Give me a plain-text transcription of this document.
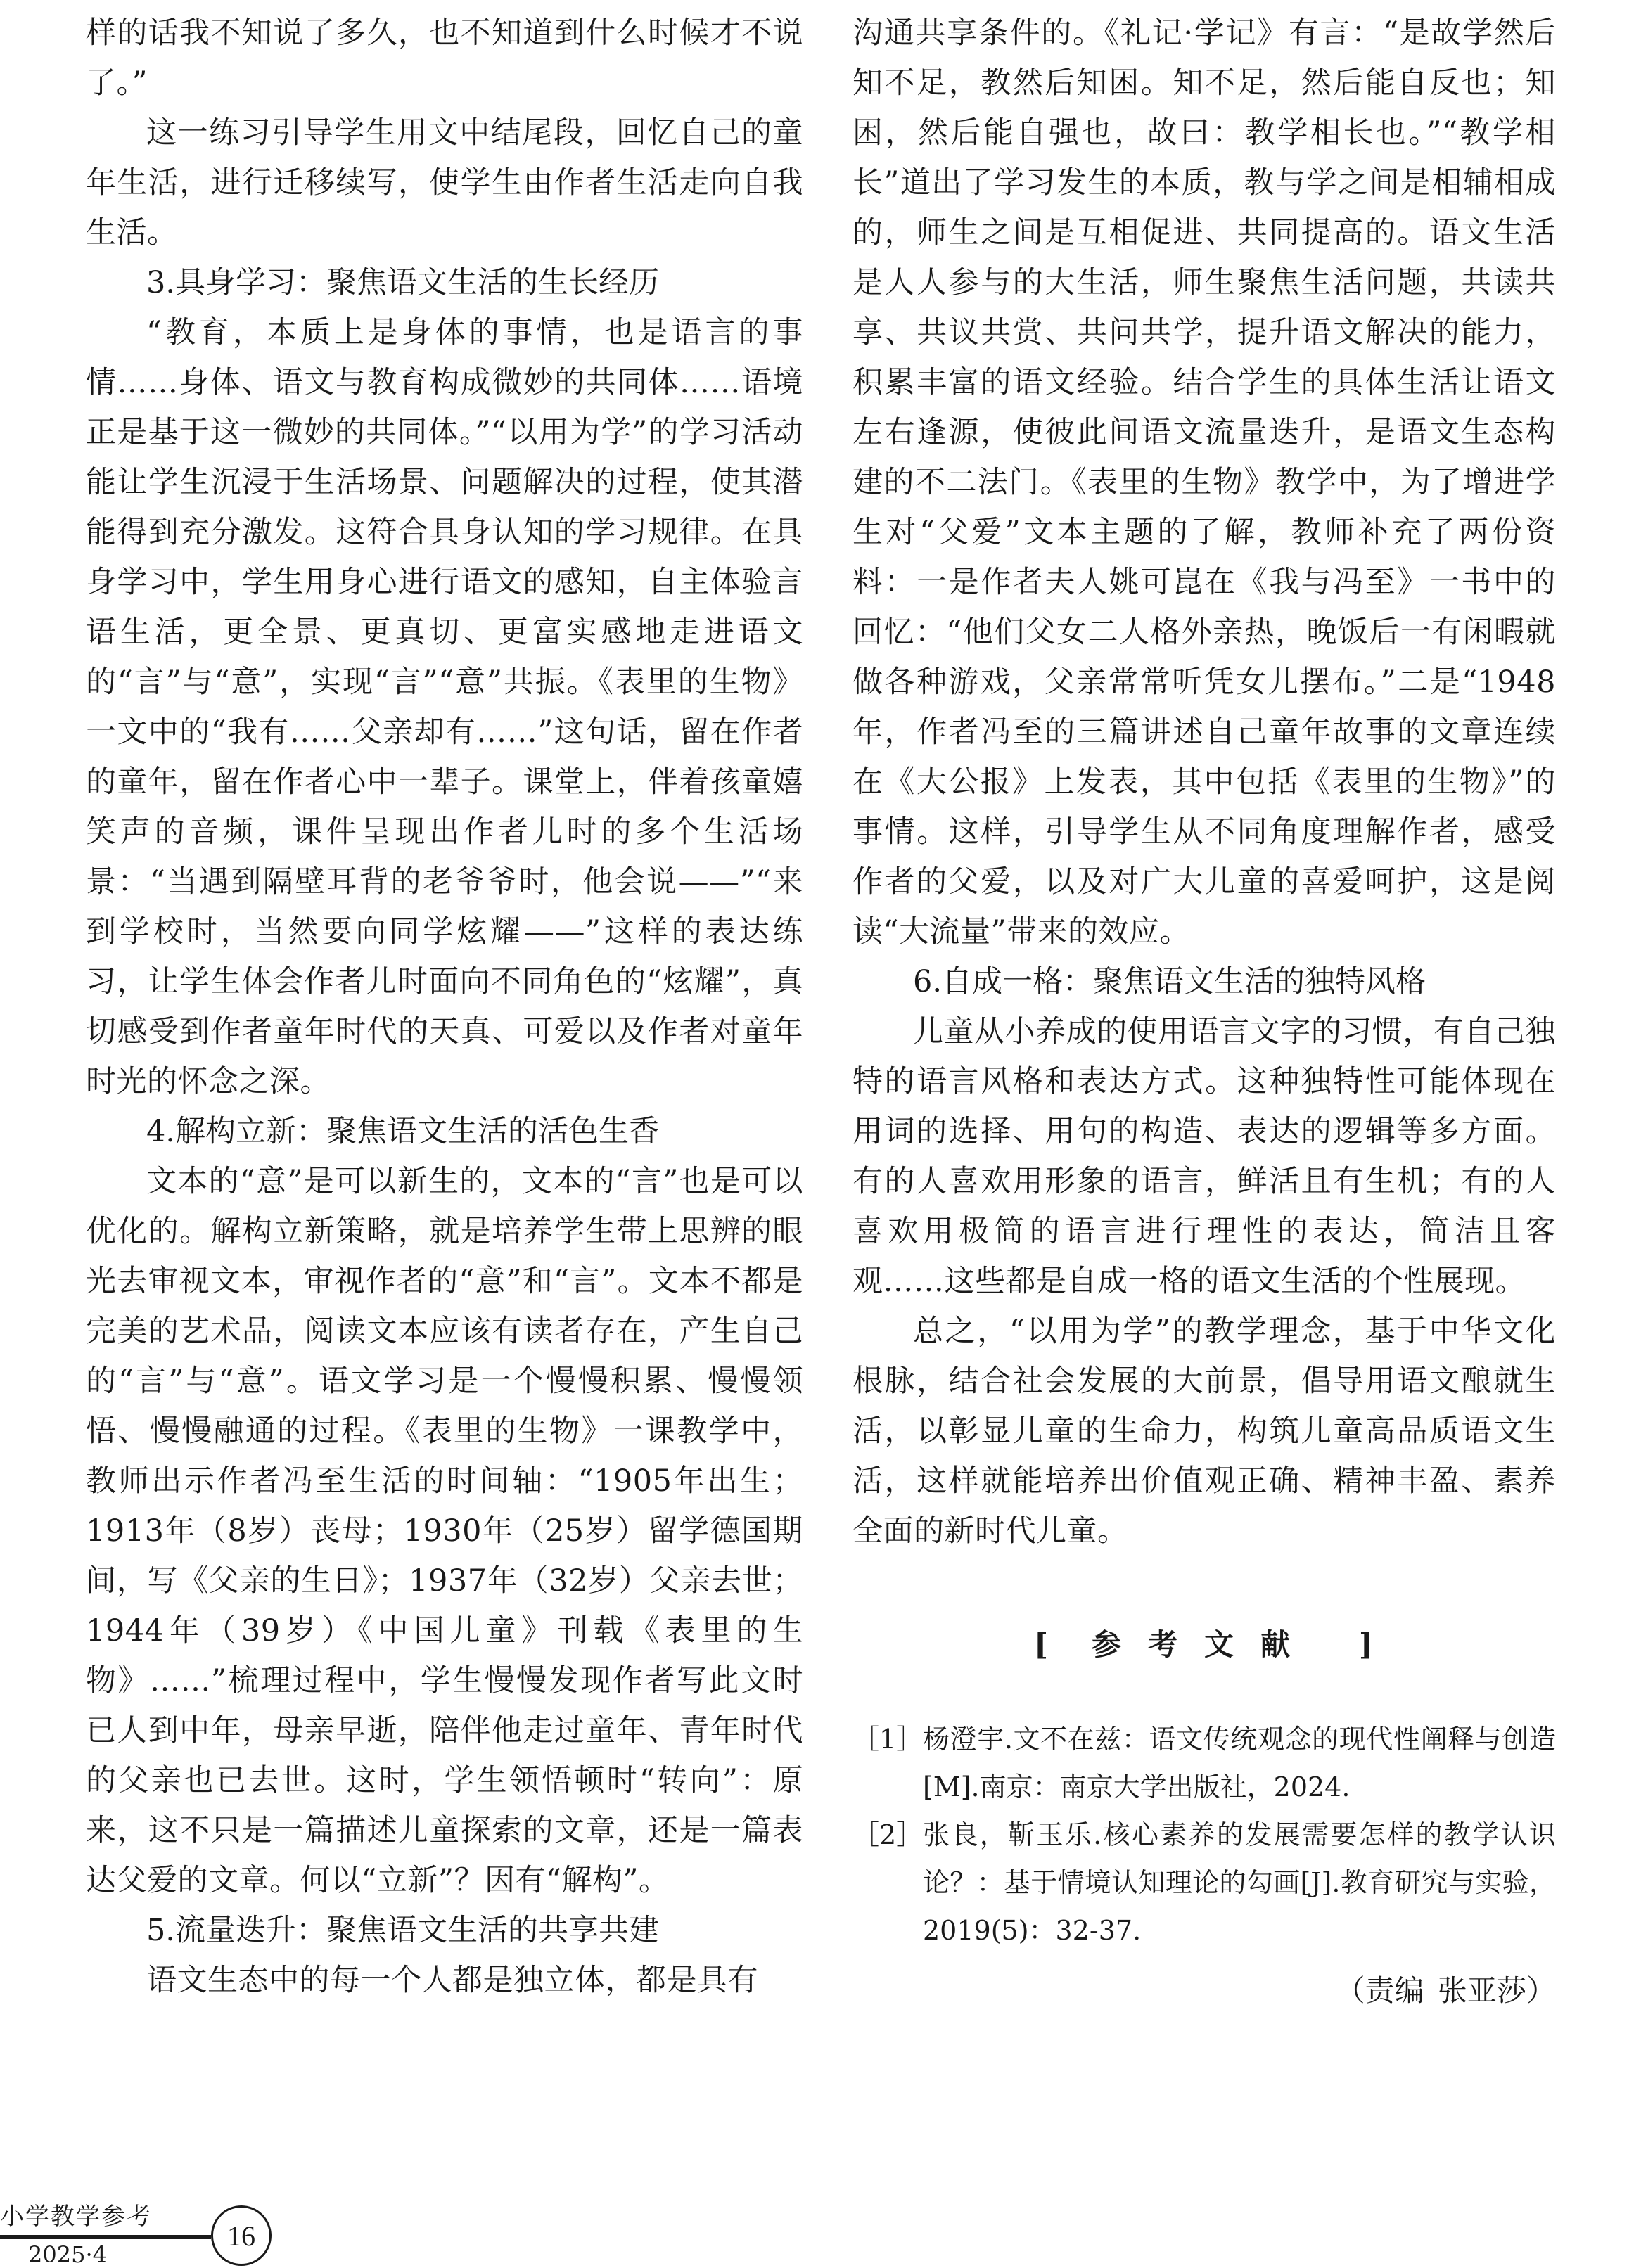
样的话我不知说了多久，也不知道到什么时候才不说了。”

这一练习引导学生用文中结尾段，回忆自己的童年生活，进行迁移续写，使学生由作者生活走向自我生活。

3.具身学习：聚焦语文生活的生长经历

“教育，本质上是身体的事情，也是语言的事情……身体、语文与教育构成微妙的共同体……语境正是基于这一微妙的共同体。”“以用为学”的学习活动能让学生沉浸于生活场景、问题解决的过程，使其潜能得到充分激发。这符合具身认知的学习规律。在具身学习中，学生用身心进行语文的感知，自主体验言语生活，更全景、更真切、更富实感地走进语文的“言”与“意”，实现“言”“意”共振。《表里的生物》一文中的“我有……父亲却有……”这句话，留在作者的童年，留在作者心中一辈子。课堂上，伴着孩童嬉笑声的音频，课件呈现出作者儿时的多个生活场景：“当遇到隔壁耳背的老爷爷时，他会说——”“来到学校时，当然要向同学炫耀——”这样的表达练习，让学生体会作者儿时面向不同角色的“炫耀”，真切感受到作者童年时代的天真、可爱以及作者对童年时光的怀念之深。

4.解构立新：聚焦语文生活的活色生香

文本的“意”是可以新生的，文本的“言”也是可以优化的。解构立新策略，就是培养学生带上思辨的眼光去审视文本，审视作者的“意”和“言”。文本不都是完美的艺术品，阅读文本应该有读者存在，产生自己的“言”与“意”。语文学习是一个慢慢积累、慢慢领悟、慢慢融通的过程。《表里的生物》一课教学中，教师出示作者冯至生活的时间轴：“1905年出生；1913年（8岁）丧母；1930年（25岁）留学德国期间，写《父亲的生日》；1937年（32岁）父亲去世；1944年（39岁）《中国儿童》刊载《表里的生物》……”梳理过程中，学生慢慢发现作者写此文时已人到中年，母亲早逝，陪伴他走过童年、青年时代的父亲也已去世。这时，学生领悟顿时“转向”：原来，这不只是一篇描述儿童探索的文章，还是一篇表达父爱的文章。何以“立新”？因有“解构”。

5.流量迭升：聚焦语文生活的共享共建

语文生态中的每一个人都是独立体，都是具有

沟通共享条件的。《礼记·学记》有言：“是故学然后知不足，教然后知困。知不足，然后能自反也；知困，然后能自强也，故曰：教学相长也。”“教学相长”道出了学习发生的本质，教与学之间是相辅相成的，师生之间是互相促进、共同提高的。语文生活是人人参与的大生活，师生聚焦生活问题，共读共享、共议共赏、共问共学，提升语文解决的能力，积累丰富的语文经验。结合学生的具体生活让语文左右逢源，使彼此间语文流量迭升，是语文生态构建的不二法门。《表里的生物》教学中，为了增进学生对“父爱”文本主题的了解，教师补充了两份资料：一是作者夫人姚可崑在《我与冯至》一书中的回忆：“他们父女二人格外亲热，晚饭后一有闲暇就做各种游戏，父亲常常听凭女儿摆布。”二是“1948年，作者冯至的三篇讲述自己童年故事的文章连续在《大公报》上发表，其中包括《表里的生物》”的事情。这样，引导学生从不同角度理解作者，感受作者的父爱，以及对广大儿童的喜爱呵护，这是阅读“大流量”带来的效应。

6.自成一格：聚焦语文生活的独特风格

儿童从小养成的使用语言文字的习惯，有自己独特的语言风格和表达方式。这种独特性可能体现在用词的选择、用句的构造、表达的逻辑等多方面。有的人喜欢用形象的语言，鲜活且有生机；有的人喜欢用极简的语言进行理性的表达，简洁且客观……这些都是自成一格的语文生活的个性展现。

总之，“以用为学”的教学理念，基于中华文化根脉，结合社会发展的大前景，倡导用语文酿就生活，以彰显儿童的生命力，构筑儿童高品质语文生活，这样就能培养出价值观正确、精神丰盈、素养全面的新时代儿童。

[ 参考文献 ]
［1］ 杨澄宇.文不在兹：语文传统观念的现代性阐释与创造[M].南京：南京大学出版社，2024.
［2］ 张良，靳玉乐.核心素养的发展需要怎样的教学认识论？：基于情境认知理论的勾画[J].教育研究与实验，2019(5)：32-37.
（责编 张亚莎）
小学教学参考
2025·4
16
